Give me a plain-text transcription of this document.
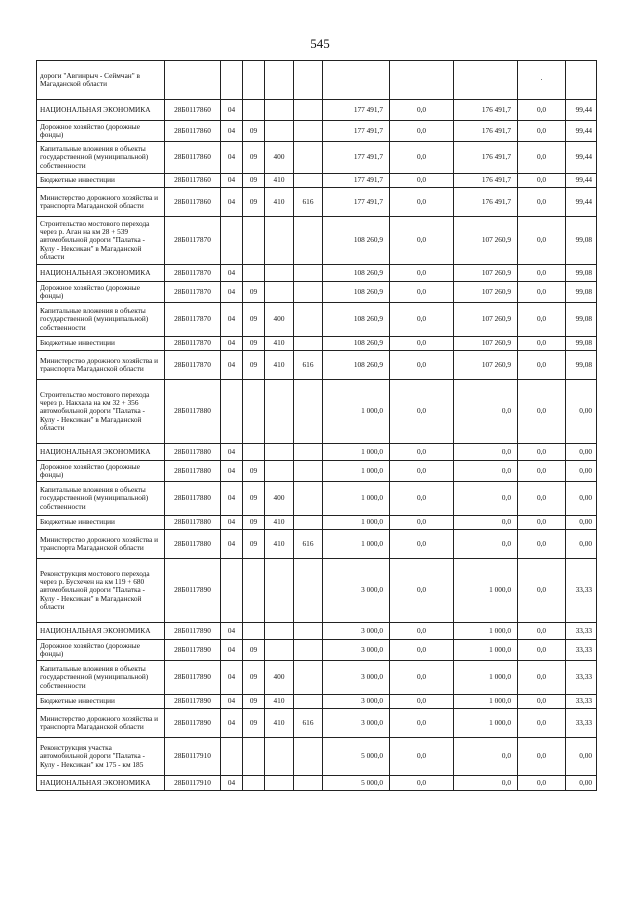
545
дороги "Авгинрыч - Сеймчан" в Магаданской области									·	
НАЦИОНАЛЬНАЯ ЭКОНОМИКА	28Б0117860	04				177 491,7	0,0	176 491,7	0,0	99,44
Дорожное хозяйство (дорожные фонды)	28Б0117860	04	09			177 491,7	0,0	176 491,7	0,0	99,44
Капитальные вложения в объекты государственной (муниципальной) собственности	28Б0117860	04	09	400		177 491,7	0,0	176 491,7	0,0	99,44
Бюджетные инвестиции	28Б0117860	04	09	410		177 491,7	0,0	176 491,7	0,0	99,44
Министерство дорожного хозяйства и транспорта Магаданской области	28Б0117860	04	09	410	616	177 491,7	0,0	176 491,7	0,0	99,44
Строительство мостового перехода через р. Аган на км 28 + 539 автомобильной дороги "Палатка - Кулу - Нексикан" в Магаданской области	28Б0117870					108 260,9	0,0	107 260,9	0,0	99,08
НАЦИОНАЛЬНАЯ ЭКОНОМИКА	28Б0117870	04				108 260,9	0,0	107 260,9	0,0	99,08
Дорожное хозяйство (дорожные фонды)	28Б0117870	04	09			108 260,9	0,0	107 260,9	0,0	99,08
Капитальные вложения в объекты государственной (муниципальной) собственности	28Б0117870	04	09	400		108 260,9	0,0	107 260,9	0,0	99,08
Бюджетные инвестиции	28Б0117870	04	09	410		108 260,9	0,0	107 260,9	0,0	99,08
Министерство дорожного хозяйства и транспорта Магаданской области	28Б0117870	04	09	410	616	108 260,9	0,0	107 260,9	0,0	99,08
Строительство мостового перехода через р. Накхала на км 32 + 356 автомобильной дороги "Палатка - Кулу - Нексикан" в Магаданской области	28Б0117880					1 000,0	0,0	0,0	0,0	0,00
НАЦИОНАЛЬНАЯ ЭКОНОМИКА	28Б0117880	04				1 000,0	0,0	0,0	0,0	0,00
Дорожное хозяйство (дорожные фонды)	28Б0117880	04	09			1 000,0	0,0	0,0	0,0	0,00
Капитальные вложения в объекты государственной (муниципальной) собственности	28Б0117880	04	09	400		1 000,0	0,0	0,0	0,0	0,00
Бюджетные инвестиции	28Б0117880	04	09	410		1 000,0	0,0	0,0	0,0	0,00
Министерство дорожного хозяйства и транспорта Магаданской области	28Б0117880	04	09	410	616	1 000,0	0,0	0,0	0,0	0,00
Реконструкция мостового перехода через р. Бусхечен на км 119 + 680 автомобильной дороги "Палатка - Кулу - Нексикан" в Магаданской области	28Б0117890					3 000,0	0,0	1 000,0	0,0	33,33
НАЦИОНАЛЬНАЯ ЭКОНОМИКА	28Б0117890	04				3 000,0	0,0	1 000,0	0,0	33,33
Дорожное хозяйство (дорожные фонды)	28Б0117890	04	09			3 000,0	0,0	1 000,0	0,0	33,33
Капитальные вложения в объекты государственной (муниципальной) собственности	28Б0117890	04	09	400		3 000,0	0,0	1 000,0	0,0	33,33
Бюджетные инвестиции	28Б0117890	04	09	410		3 000,0	0,0	1 000,0	0,0	33,33
Министерство дорожного хозяйства и транспорта Магаданской области	28Б0117890	04	09	410	616	3 000,0	0,0	1 000,0	0,0	33,33
Реконструкция участка автомобильной дороги "Палатка - Кулу - Нексикан" км 175 - км 185	28Б0117910					5 000,0	0,0	0,0	0,0	0,00
НАЦИОНАЛЬНАЯ ЭКОНОМИКА	28Б0117910	04				5 000,0	0,0	0,0	0,0	0,00
